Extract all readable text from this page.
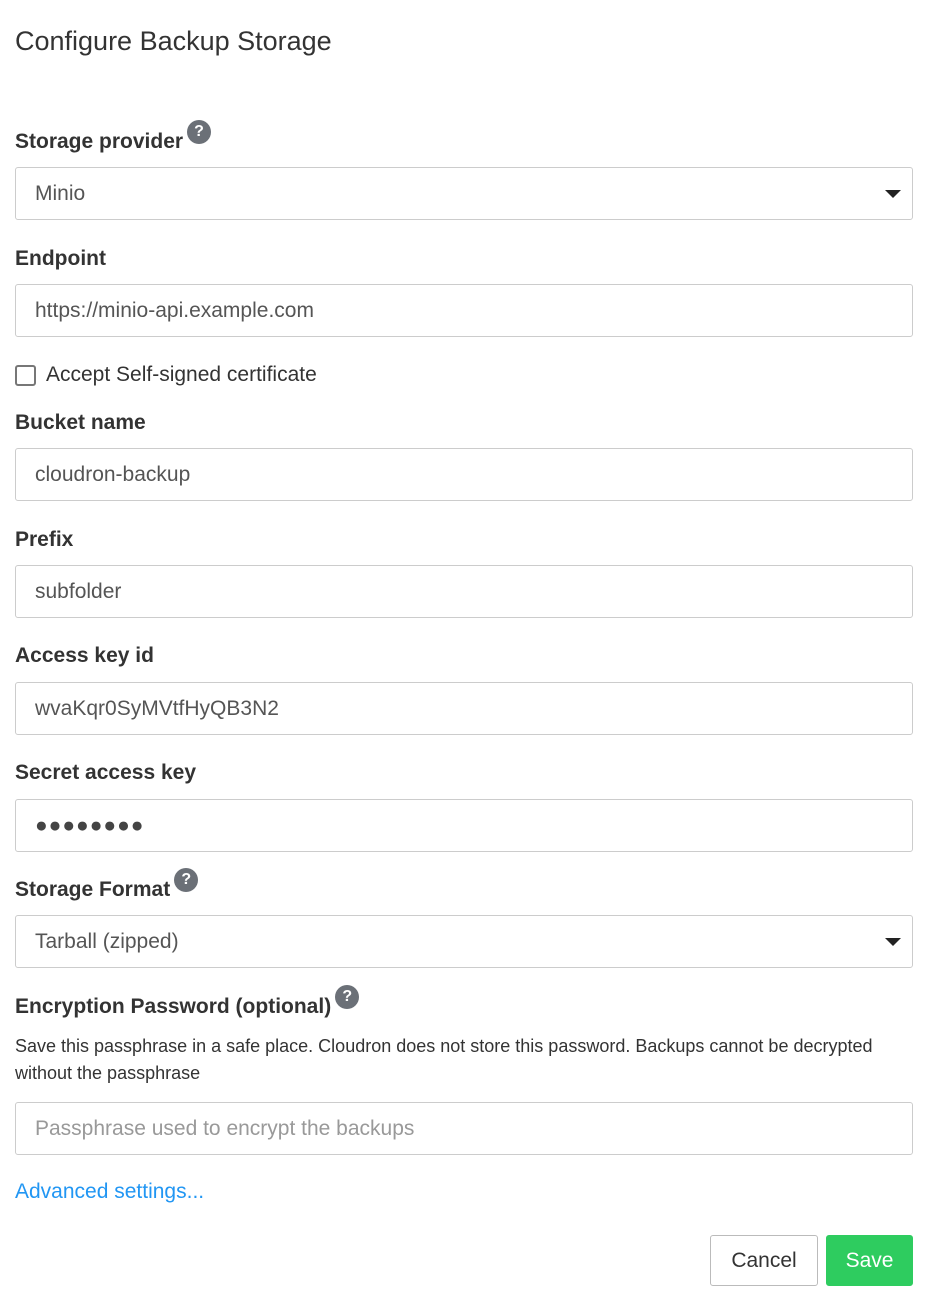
Configure Backup Storage
Storage provider ?
Minio
Endpoint
https://minio-api.example.com
Accept Self-signed certificate
Bucket name
cloudron-backup
Prefix
subfolder
Access key id
wvaKqr0SyMVtfHyQB3N2
Secret access key
●●●●●●●●
Storage Format ?
Tarball (zipped)
Encryption Password (optional) ?
Save this passphrase in a safe place. Cloudron does not store this password. Backups cannot be decrypted without the passphrase
Advanced settings...
Cancel	Save
